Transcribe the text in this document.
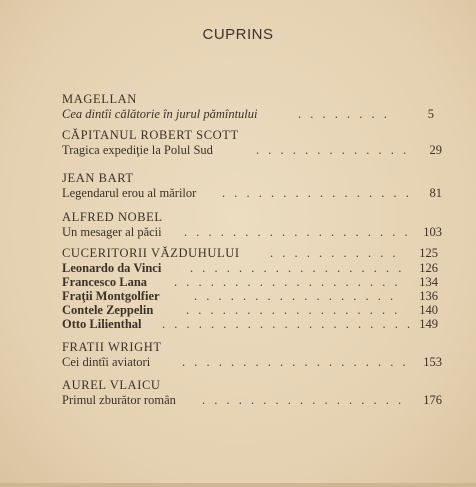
CUPRINS
MAGELLAN
Cea dintîi călătorie în jurul pămîntului	. . . . . . . .	5
CĂPITANUL ROBERT SCOTT
Tragica expediţie la Polul Sud	. . . . . . . . . . . . . 29
JEAN BART
Legendarul erou al mărilor . . . . . . . . . . . . . . . . 81
ALFRED NOBEL
Un mesager al păcii . . . . . . . . . . . . . . . . . . . 103
CUCERITORII VĂZDUHULUI . . . . . . . . . . . 125
Leonardo da Vinci . . . . . . . . . . . . . . . . . . 126
Francesco Lana . . . . . . . . . . . . . . . . . . . 134
Fraţii Montgolfier	. . . . . . . . . . . . . . . . . 136
Contele Zeppelin	. . . . . . . . . . . . . . . . . . 140
Otto Lilienthal . . . . . . . . . . . . . . . . . . . . . 149
FRATII WRIGHT
Cei dintîi aviatori	. . . . . . . . . . . . . . . . . . . 153
AUREL VLAICU
Primul zburător român . . . . . . . . . . . . . . . . . 176
